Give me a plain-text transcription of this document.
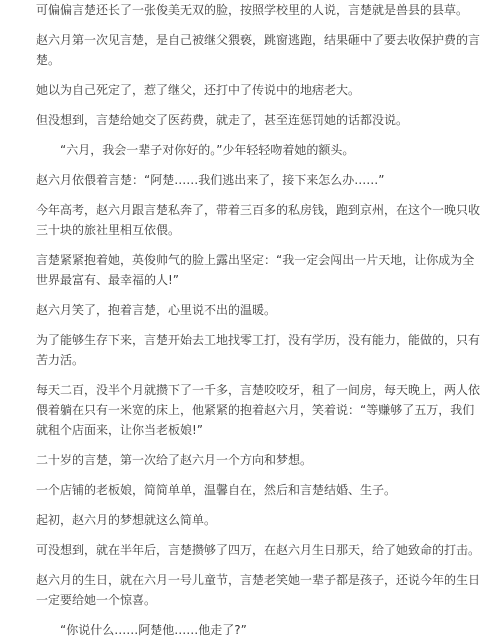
可偏偏言楚还长了一张俊美无双的脸，按照学校里的人说，言楚就是兽县的县草。

赵六月第一次见言楚，是自己被继父猥亵，跳窗逃跑，结果砸中了要去收保护费的言楚。

她以为自己死定了，惹了继父，还打中了传说中的地痞老大。

但没想到，言楚给她交了医药费，就走了，甚至连惩罚她的话都没说。

“六月，我会一辈子对你好的。”少年轻轻吻着她的额头。

赵六月依偎着言楚：“阿楚……我们逃出来了，接下来怎么办……”

今年高考，赵六月跟言楚私奔了，带着三百多的私房钱，跑到京州，在这个一晚只收三十块的旅社里相互依偎。

言楚紧紧抱着她，英俊帅气的脸上露出坚定：“我一定会闯出一片天地，让你成为全世界最富有、最幸福的人!”

赵六月笑了，抱着言楚，心里说不出的温暖。

为了能够生存下来，言楚开始去工地找零工打，没有学历，没有能力，能做的，只有苦力活。

每天二百，没半个月就攒下了一千多，言楚咬咬牙，租了一间房，每天晚上，两人依偎着躺在只有一米宽的床上，他紧紧的抱着赵六月，笑着说：“等赚够了五万，我们就租个店面来，让你当老板娘!”

二十岁的言楚，第一次给了赵六月一个方向和梦想。

一个店铺的老板娘，简简单单，温馨自在，然后和言楚结婚、生子。

起初，赵六月的梦想就这么简单。

可没想到，就在半年后，言楚攒够了四万，在赵六月生日那天，给了她致命的打击。

赵六月的生日，就在六月一号儿童节，言楚老笑她一辈子都是孩子，还说今年的生日一定要给她一个惊喜。

“你说什么……阿楚他……他走了?”
